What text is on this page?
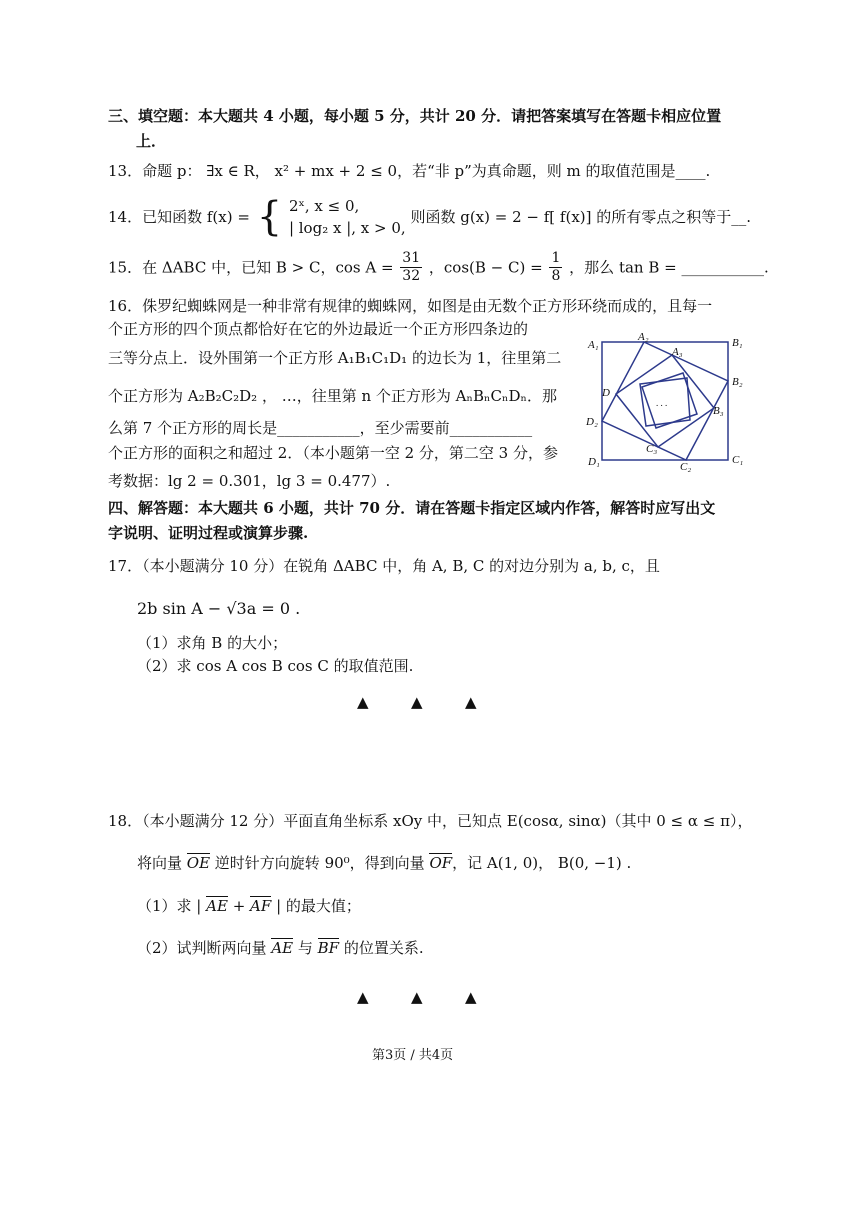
三、填空题：本大题共 4 小题，每小题 5 分，共计 20 分．请把答案填写在答题卡相应位置
上．
13．命题 p： ∃x ∈ R， x² + mx + 2 ≤ 0，若“非 p”为真命题，则 m 的取值范围是____.
14．已知函数 f(x) = { 2ˣ, x ≤ 0,
| log₂ x |, x > 0,
则函数 g(x) = 2 − f[ f(x)] 的所有零点之积等于__.
15．在 ΔABC 中，已知 B > C，$\cos A = \frac{31}{32}$ ，$\cos(B - C) = \frac{1}{8}$ ，那么 tan B = ___________.
16．侏罗纪蜘蛛网是一种非常有规律的蜘蛛网，如图是由无数个正方形环绕而成的，且每一
个正方形的四个顶点都恰好在它的外边最近一个正方形四条边的
三等分点上．设外围第一个正方形 A₁B₁C₁D₁ 的边长为 1，往里第二
个正方形为 A₂B₂C₂D₂ ， …，往里第 n 个正方形为 AₙBₙCₙDₙ．那
么第 7 个正方形的周长是___________，至少需要前___________
个正方形的面积之和超过 2．（本小题第一空 2 分，第二空 3 分，参
考数据：lg 2 = 0.301，lg 3 = 0.477）.
A₁
A₂
A₃
B₁
B₂
B₃
D
D₂
C₃
D₁	C₂
C₁
. . .
四、解答题：本大题共 6 小题，共计 70 分．请在答题卡指定区域内作答，解答时应写出文
字说明、证明过程或演算步骤.
17．（本小题满分 10 分）在锐角 ΔABC 中，角 A, B, C 的对边分别为 a, b, c，且
2b sin A − √3a = 0 .
（1）求角 B 的大小；
（2）求 cos A cos B cos C 的取值范围.
▲	▲	▲
18．（本小题满分 12 分）平面直角坐标系 xOy 中，已知点 E(cosα, sinα)（其中 0 ≤ α ≤ π），
将向量 OE 逆时针方向旋转 90⁰，得到向量 OF，记 A(1, 0)， B(0, −1) .
（1）求 | AE + AF | 的最大值；
（2）试判断两向量 AE 与 BF 的位置关系.
▲	▲	▲
第3页 / 共4页
